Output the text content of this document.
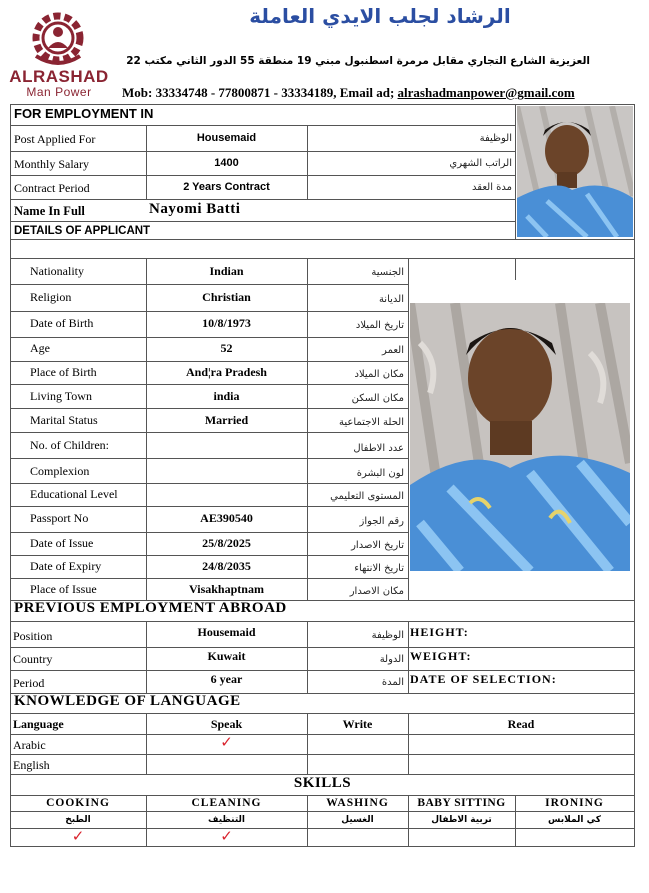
ALRASHAD
Man Power
الرشاد لجلب الايدي العاملة
العزيزية الشارع التجاري مقابل مرمرة اسطنبول مبني 19 منطقة 55 الدور الثاني مكتب 22
Mob: 33334748 - 77800871 - 33334189, Email ad; alrashadmanpower@gmail.com
FOR EMPLOYMENT IN
Post Applied For	Housemaid	الوظيفة
Monthly Salary	1400	الراتب الشهري
Contract Period	2 Years Contract	مدة العقد
Name In Full	Nayomi Batti
DETAILS OF APPLICANT
Nationality	Indian	الجنسية
Religion	Christian	الديانة
Date of Birth	10/8/1973	تاريخ الميلاد
Age	52	العمر
Place of Birth	And¦ra Pradesh	مكان الميلاد
Living Town	india	مكان السكن
Marital Status	Married	الحلة الاجتماعية
No. of Children:	عدد الاطفال
Complexion	لون البشرة
Educational Level	المستوى التعليمي
Passport No	AE390540	رقم الجواز
Date of Issue	25/8/2025	تاريخ الاصدار
Date of Expiry	24/8/2035	تاريخ الانتهاء
Place of Issue	Visakhaptnam	مكان الاصدار
PREVIOUS EMPLOYMENT ABROAD
Position	Housemaid	الوظيفة HEIGHT:
Country	Kuwait	الدولة WEIGHT:
Period	6 year	المدة DATE OF SELECTION:
KNOWLEDGE OF LANGUAGE
Language	Speak	Write	Read
Arabic	✓
English
SKILLS
COOKING	CLEANING	WASHING	BABY SITTING	IRONING
الطبخ	التنظيف	الغسيل	تربية الاطفال	كي الملابس
✓	✓
